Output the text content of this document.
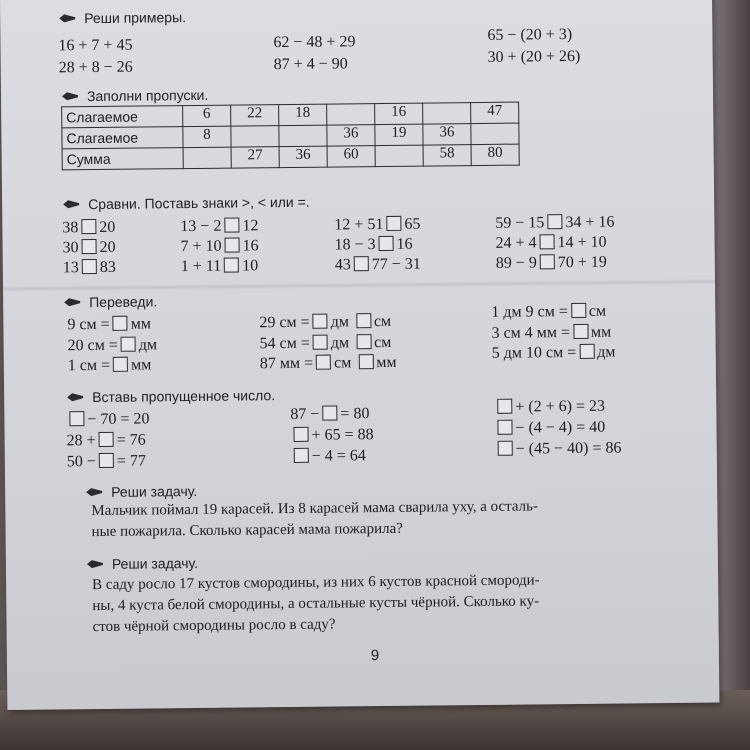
Реши примеры.
16 + 7 + 45
28 + 8 − 26
62 − 48 + 29
87 + 4 − 90
65 − (20 + 3)
30 + (20 + 26)
Заполни пропуски.
Слагаемое	6	22	18		16		47
Слагаемое	8			36	19	36	
Сумма		27	36	60		58	80
Сравни. Поставь знаки >, < или =.
38 20
30 20
13 83
13 − 2 12
7 + 10 16
1 + 11 10
12 + 51 65
18 − 3 16
43 77 − 31
59 − 15 34 + 16
24 + 4 14 + 10
89 − 9 70 + 19
Переведи.
9 см = мм
20 см = дм
1 см = мм
29 см = дм см
54 см = дм см
87 мм = см мм
1 дм 9 см = см
3 см 4 мм = мм
5 дм 10 см = дм
Вставь пропущенное число.
− 70 = 20
28 + = 76
50 − = 77
87 − = 80
+ 65 = 88
− 4 = 64
+ (2 + 6) = 23
− (4 − 4) = 40
− (45 − 40) = 86
Реши задачу.
Мальчик поймал 19 карасей. Из 8 карасей мама сварила уху, а осталь-
ные пожарила. Сколько карасей мама пожарила?
Реши задачу.
В саду росло 17 кустов смородины, из них 6 кустов красной смороди-
ны, 4 куста белой смородины, а остальные кусты чёрной. Сколько ку-
стов чёрной смородины росло в саду?
9
